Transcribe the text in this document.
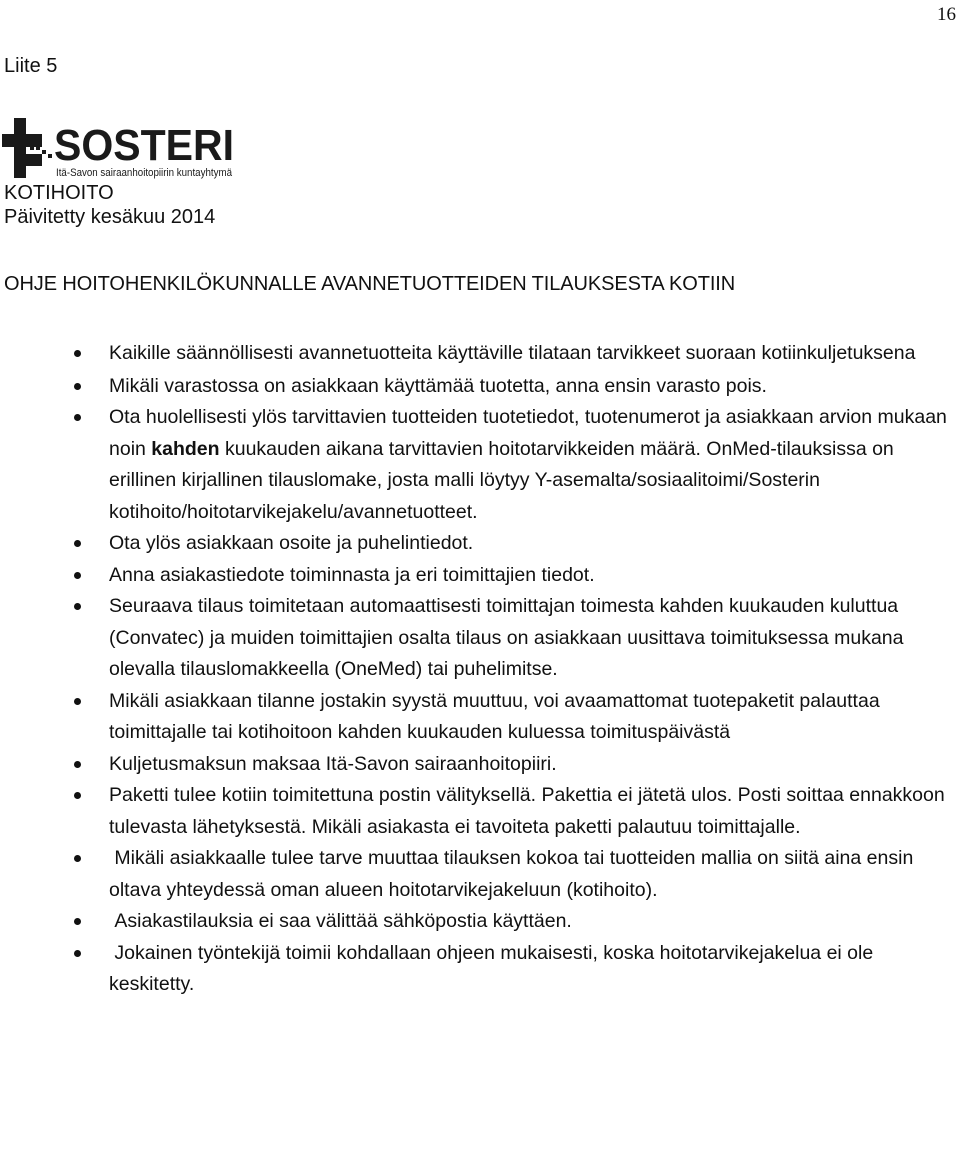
16
Liite 5
SOSTERI
Itä-Savon sairaanhoitopiirin kuntayhtymä
KOTIHOITO
Päivitetty kesäkuu 2014
OHJE HOITOHENKILÖKUNNALLE AVANNETUOTTEIDEN TILAUKSESTA KOTIIN
Kaikille säännöllisesti avannetuotteita käyttäville tilataan tarvikkeet suoraan kotiinkuljetuksena
Mikäli varastossa on asiakkaan käyttämää tuotetta, anna ensin varasto pois.
Ota huolellisesti ylös tarvittavien tuotteiden tuotetiedot, tuotenumerot ja asiakkaan arvion mukaan noin kahden kuukauden aikana tarvittavien hoitotarvikkeiden määrä. OnMed-tilauksissa on erillinen kirjallinen tilauslomake, josta malli löytyy Y-asemalta/sosiaalitoimi/Sosterin kotihoito/hoitotarvikejakelu/avannetuotteet.
Ota ylös asiakkaan osoite ja puhelintiedot.
Anna asiakastiedote toiminnasta ja eri toimittajien tiedot.
Seuraava tilaus toimitetaan automaattisesti toimittajan toimesta kahden kuukauden kuluttua (Convatec) ja muiden toimittajien osalta tilaus on asiakkaan uusittava toimituksessa mukana olevalla tilauslomakkeella (OneMed) tai puhelimitse.
Mikäli asiakkaan tilanne jostakin syystä muuttuu, voi avaamattomat tuotepaketit palauttaa toimittajalle tai kotihoitoon kahden kuukauden kuluessa toimituspäivästä
Kuljetusmaksun maksaa Itä-Savon sairaanhoitopiiri.
Paketti tulee kotiin toimitettuna postin välityksellä. Pakettia ei jätetä ulos. Posti soittaa ennakkoon tulevasta lähetyksestä. Mikäli asiakasta ei tavoiteta paketti palautuu toimittajalle.
Mikäli asiakkaalle tulee tarve muuttaa tilauksen kokoa tai tuotteiden mallia on siitä aina ensin oltava yhteydessä oman alueen hoitotarvikejakeluun (kotihoito).
Asiakastilauksia ei saa välittää sähköpostia käyttäen.
Jokainen työntekijä toimii kohdallaan ohjeen mukaisesti, koska hoitotarvikejakelua ei ole keskitetty.
